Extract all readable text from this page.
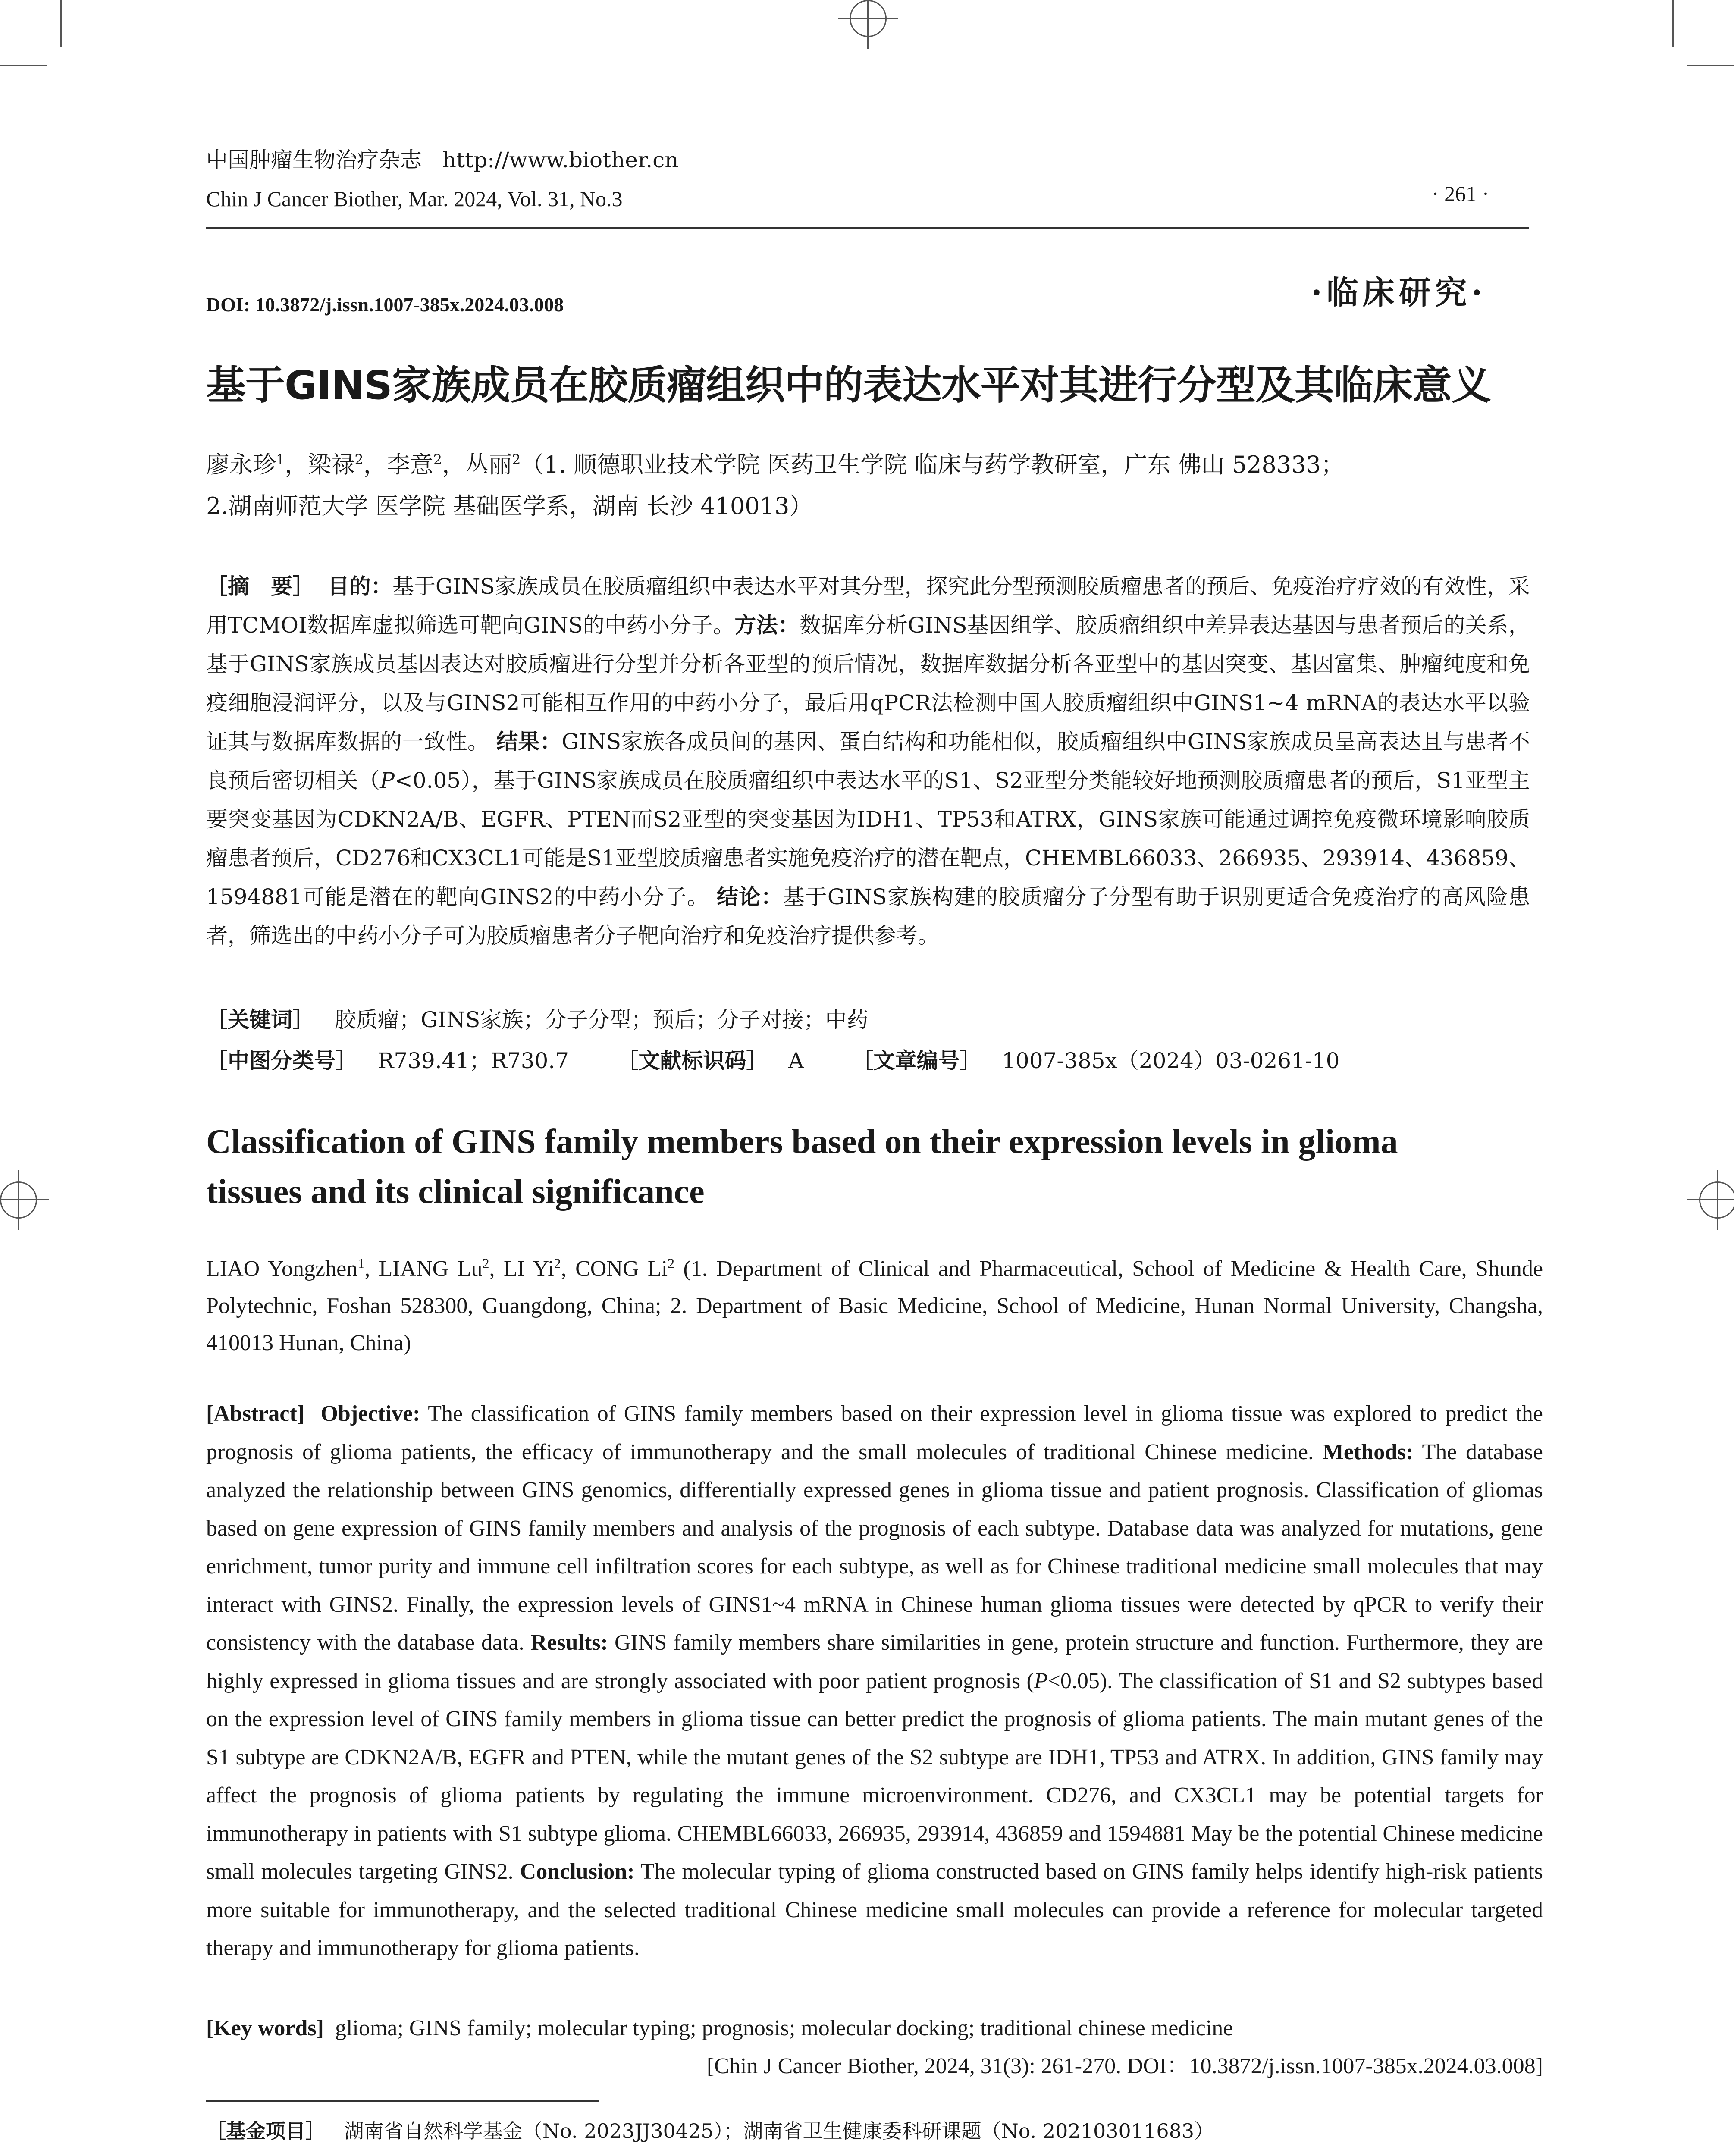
中国肿瘤生物治疗杂志 http://www.biother.cn
Chin J Cancer Biother, Mar. 2024, Vol. 31, No.3	· 261 ·
DOI: 10.3872/j.issn.1007-385x.2024.03.008	·临床研究·
基于GINS家族成员在胶质瘤组织中的表达水平对其进行分型及其临床意义
廖永珍$^1$，梁禄$^2$，李意$^2$，丛丽$^2$（1. 顺德职业技术学院 医药卫生学院 临床与药学教研室，广东 佛山 528333；
2.湖南师范大学 医学院 基础医学系，湖南 长沙 410013）
［摘　要］ 目的：基于GINS家族成员在胶质瘤组织中表达水平对其分型，探究此分型预测胶质瘤患者的预后、免疫治疗疗效的有效性，采用TCMOI数据库虚拟筛选可靶向GINS的中药小分子。方法：数据库分析GINS基因组学、胶质瘤组织中差异表达基因与患者预后的关系，基于GINS家族成员基因表达对胶质瘤进行分型并分析各亚型的预后情况，数据库数据分析各亚型中的基因突变、基因富集、肿瘤纯度和免疫细胞浸润评分，以及与GINS2可能相互作用的中药小分子，最后用qPCR法检测中国人胶质瘤组织中GINS1~4 mRNA的表达水平以验证其与数据库数据的一致性。 结果：GINS家族各成员间的基因、蛋白结构和功能相似，胶质瘤组织中GINS家族成员呈高表达且与患者不良预后密切相关（P<0.05），基于GINS家族成员在胶质瘤组织中表达水平的S1、S2亚型分类能较好地预测胶质瘤患者的预后，S1亚型主要突变基因为CDKN2A/B、EGFR、PTEN而S2亚型的突变基因为IDH1、TP53和ATRX，GINS家族可能通过调控免疫微环境影响胶质瘤患者预后，CD276和CX3CL1可能是S1亚型胶质瘤患者实施免疫治疗的潜在靶点，CHEMBL66033、266935、293914、436859、1594881可能是潜在的靶向GINS2的中药小分子。 结论：基于GINS家族构建的胶质瘤分子分型有助于识别更适合免疫治疗的高风险患者，筛选出的中药小分子可为胶质瘤患者分子靶向治疗和免疫治疗提供参考。
［关键词］ 胶质瘤；GINS家族；分子分型；预后；分子对接；中药
［中图分类号］ R739.41；R730.7 ［文献标识码］ A ［文章编号］ 1007-385x（2024）03-0261-10
Classification of GINS family members based on their expression levels in glioma
tissues and its clinical significance
LIAO Yongzhen$^1$, LIANG Lu$^2$, LI Yi$^2$, CONG Li$^2$ (1. Department of Clinical and Pharmaceutical, School of Medicine & Health Care, Shunde Polytechnic, Foshan 528300, Guangdong, China; 2. Department of Basic Medicine, School of Medicine, Hunan Normal University, Changsha, 410013 Hunan, China)
[Abstract] Objective: The classification of GINS family members based on their expression level in glioma tissue was explored to predict the prognosis of glioma patients, the efficacy of immunotherapy and the small molecules of traditional Chinese medicine. Methods: The database analyzed the relationship between GINS genomics, differentially expressed genes in glioma tissue and patient prognosis. Classification of gliomas based on gene expression of GINS family members and analysis of the prognosis of each subtype. Database data was analyzed for mutations, gene enrichment, tumor purity and immune cell infiltration scores for each subtype, as well as for Chinese traditional medicine small molecules that may interact with GINS2. Finally, the expression levels of GINS1~4 mRNA in Chinese human glioma tissues were detected by qPCR to verify their consistency with the database data. Results: GINS family members share similarities in gene, protein structure and function. Furthermore, they are highly expressed in glioma tissues and are strongly associated with poor patient prognosis (P<0.05). The classification of S1 and S2 subtypes based on the expression level of GINS family members in glioma tissue can better predict the prognosis of glioma patients. The main mutant genes of the S1 subtype are CDKN2A/B, EGFR and PTEN, while the mutant genes of the S2 subtype are IDH1, TP53 and ATRX. In addition, GINS family may affect the prognosis of glioma patients by regulating the immune microenvironment. CD276, and CX3CL1 may be potential targets for immunotherapy in patients with S1 subtype glioma. CHEMBL66033, 266935, 293914, 436859 and 1594881 May be the potential Chinese medicine small molecules targeting GINS2. Conclusion: The molecular typing of glioma constructed based on GINS family helps identify high-risk patients more suitable for immunotherapy, and the selected traditional Chinese medicine small molecules can provide a reference for molecular targeted therapy and immunotherapy for glioma patients.
[Key words] glioma; GINS family; molecular typing; prognosis; molecular docking; traditional chinese medicine
[Chin J Cancer Biother, 2024, 31(3): 261-270. DOI：10.3872/j.issn.1007-385x.2024.03.008]
［基金项目］ 湖南省自然科学基金（No. 2023JJ30425）；湖南省卫生健康委科研课题（No. 202103011683）
